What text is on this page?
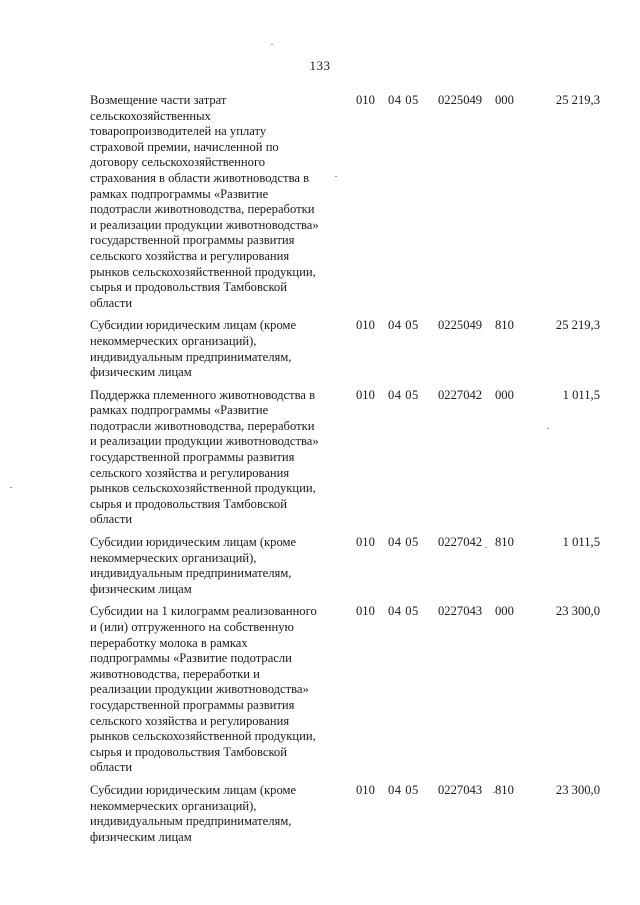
133
Возмещение части затрат
сельскохозяйственных
товаропроизводителей на уплату
страховой премии, начисленной по
договору сельскохозяйственного
страхования в области животноводства в
рамках подпрограммы «Развитие
подотрасли животноводства, переработки
и реализации продукции животноводства»
государственной программы развития
сельского хозяйства и регулирования
рынков сельскохозяйственной продукции,
сырья и продовольствия Тамбовской
области
010 04 05 0225049 000	25 219,3
Субсидии юридическим лицам (кроме
некоммерческих организаций),
индивидуальным предпринимателям,
физическим лицам
010 04 05 0225049 810	25 219,3
Поддержка племенного животноводства в
рамках подпрограммы «Развитие
подотрасли животноводства, переработки
и реализации продукции животноводства»
государственной программы развития
сельского хозяйства и регулирования
рынков сельскохозяйственной продукции,
сырья и продовольствия Тамбовской
области
010 04 05 0227042 000	1 011,5
Субсидии юридическим лицам (кроме
некоммерческих организаций),
индивидуальным предпринимателям,
физическим лицам
010 04 05 0227042 810	1 011,5
Субсидии на 1 килограмм реализованного
и (или) отгруженного на собственную
переработку молока в рамках
подпрограммы «Развитие подотрасли
животноводства, переработки и
реализации продукции животноводства»
государственной программы развития
сельского хозяйства и регулирования
рынков сельскохозяйственной продукции,
сырья и продовольствия Тамбовской
области
010 04 05 0227043 000	23 300,0
Субсидии юридическим лицам (кроме
некоммерческих организаций),
индивидуальным предпринимателям,
физическим лицам
010 04 05 0227043 810	23 300,0
